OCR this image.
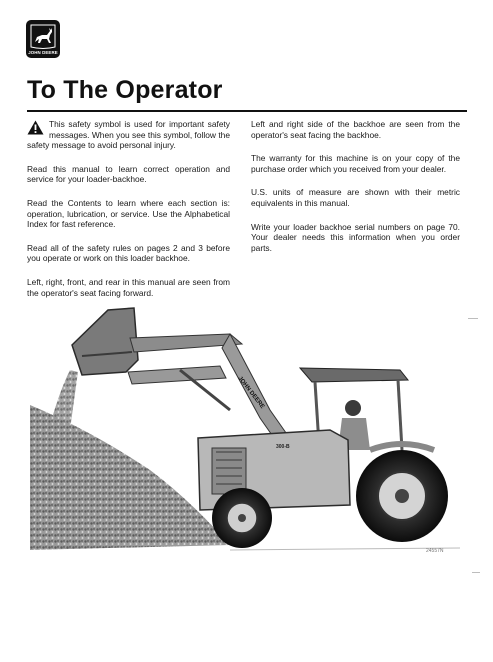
JOHN DEERE
To The Operator

This safety symbol is used for important safety messages. When you see this symbol, follow the safety message to avoid personal injury.

Read this manual to learn correct operation and service for your loader-backhoe.

Read the Contents to learn where each section is: operation, lubrication, or service. Use the Alphabetical Index for fast reference.

Read all of the safety rules on pages 2 and 3 before you operate or work on this loader backhoe.

Left, right, front, and rear in this manual are seen from the operator's seat facing forward.

Left and right side of the backhoe are seen from the operator's seat facing the backhoe.

The warranty for this machine is on your copy of the purchase order which you received from your dealer.

U.S. units of measure are shown with their metric equivalents in this manual.

Write your loader backhoe serial numbers on page 70. Your dealer needs this information when you order parts.

JOHN DEERE
300-B
24557N
